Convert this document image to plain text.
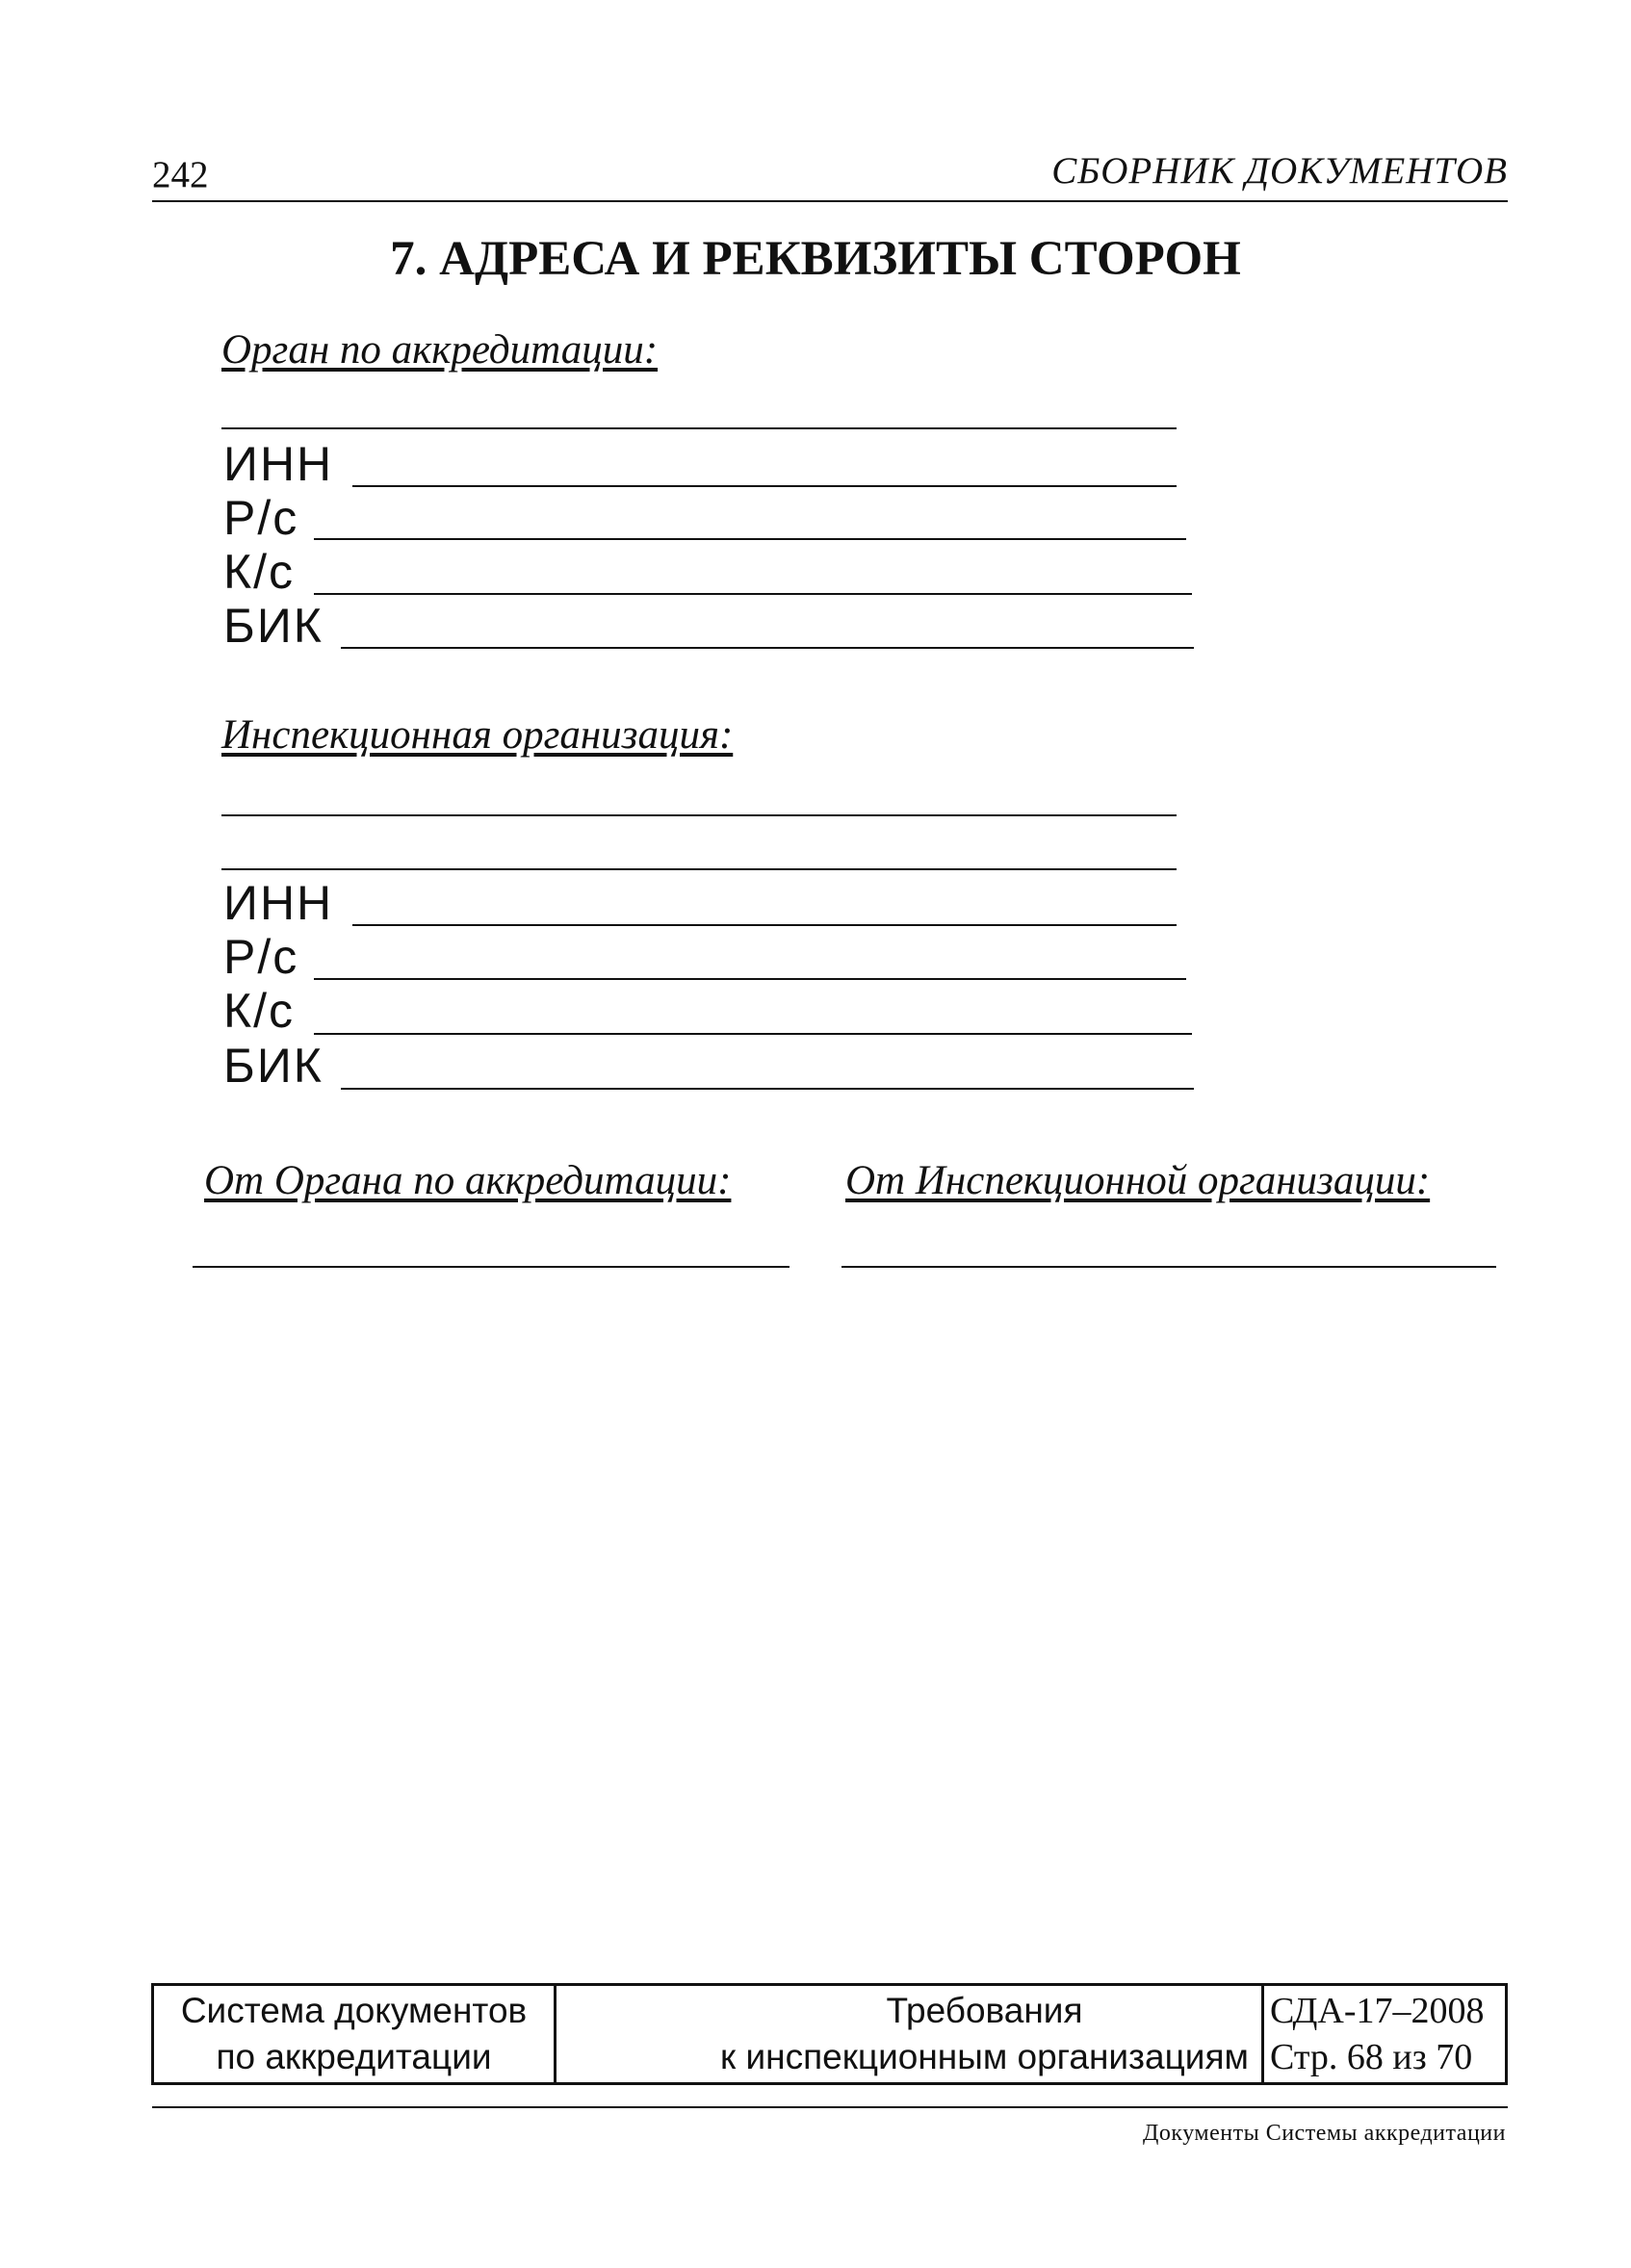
242	СБОРНИК ДОКУМЕНТОВ
7. АДРЕСА И РЕКВИЗИТЫ СТОРОН
Орган по аккредитации:
ИНН
Р/с
К/с
БИК
Инспекционная организация:
ИНН
Р/с
К/с
БИК
От Органа по аккредитации:	От Инспекционной организации:
Система документов
по аккредитации
Требования
к инспекционным организациям
СДА-17–2008
Стр. 68 из 70
Документы Системы аккредитации
